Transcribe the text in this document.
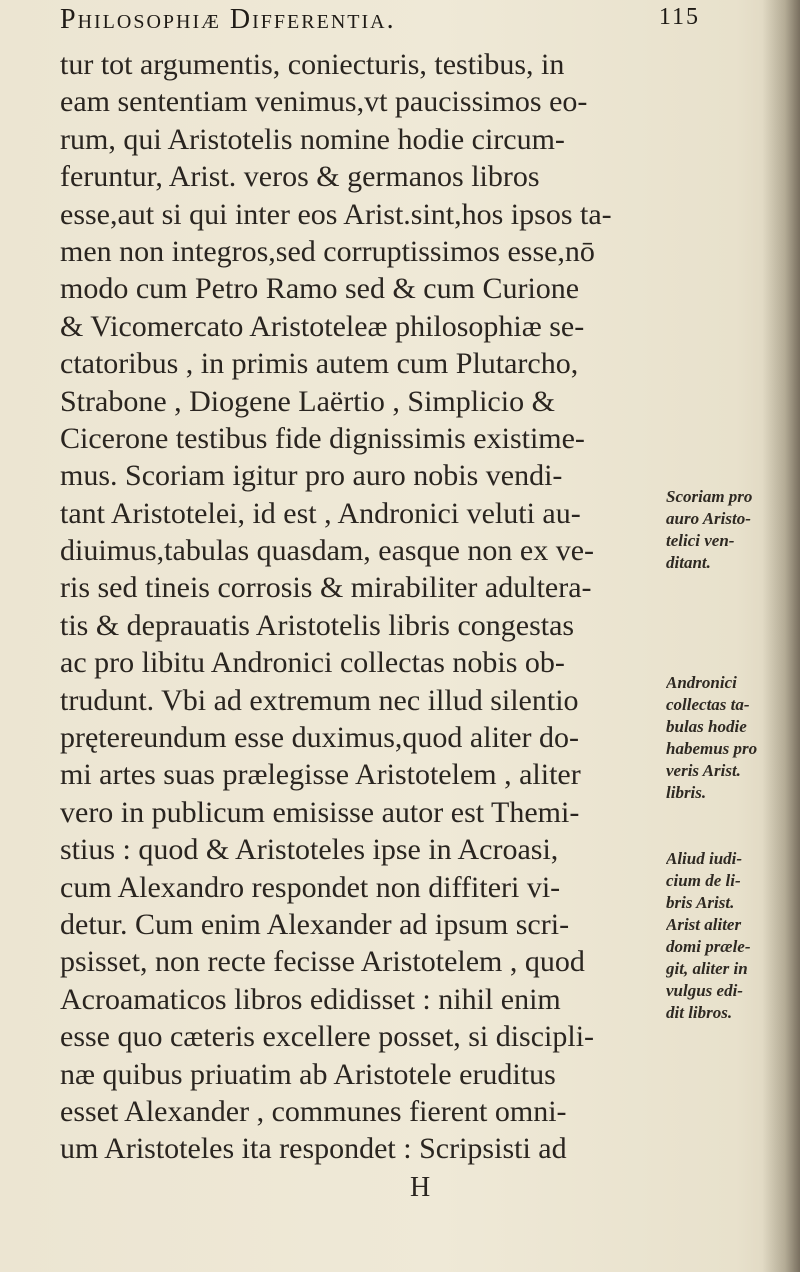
Philosophiæ Differentia.	115
tur tot argumentis, coniecturis, testibus, in
eam sententiam venimus,vt paucissimos eo-
rum, qui Aristotelis nomine hodie circum-
feruntur, Arist. veros & germanos libros
esse,aut si qui inter eos Arist.sint,hos ipsos ta-
men non integros,sed corruptissimos esse,nō
modo cum Petro Ramo sed & cum Curione
& Vicomercato Aristoteleæ philosophiæ se-
ctatoribus , in primis autem cum Plutarcho,
Strabone , Diogene Laërtio , Simplicio &
Cicerone testibus fide dignissimis existime-
mus. Scoriam igitur pro auro nobis vendi-
tant Aristotelei, id est , Andronici veluti au-
diuimus,tabulas quasdam, easque non ex ve-
ris sed tineis corrosis & mirabiliter adultera-
tis & deprauatis Aristotelis libris congestas
ac pro libitu Andronici collectas nobis ob-
trudunt. Vbi ad extremum nec illud silentio
prętereundum esse duximus,quod aliter do-
mi artes suas prælegisse Aristotelem , aliter
vero in publicum emisisse autor est Themi-
stius : quod & Aristoteles ipse in Acroasi,
cum Alexandro respondet non diffiteri vi-
detur. Cum enim Alexander ad ipsum scri-
psisset, non recte fecisse Aristotelem , quod
Acroamaticos libros edidisset : nihil enim
esse quo cæteris excellere posset, si discipli-
næ quibus priuatim ab Aristotele eruditus
esset Alexander , communes fierent omni-
um Aristoteles ita respondet : Scripsisti ad
H
Scoriam pro
auro Aristo-
telici ven-
ditant.
Andronici
collectas ta-
bulas hodie
habemus pro
veris Arist.
libris.
Aliud iudi-
cium de li-
bris Arist.
Arist aliter
domi præle-
git, aliter in
vulgus edi-
dit libros.
